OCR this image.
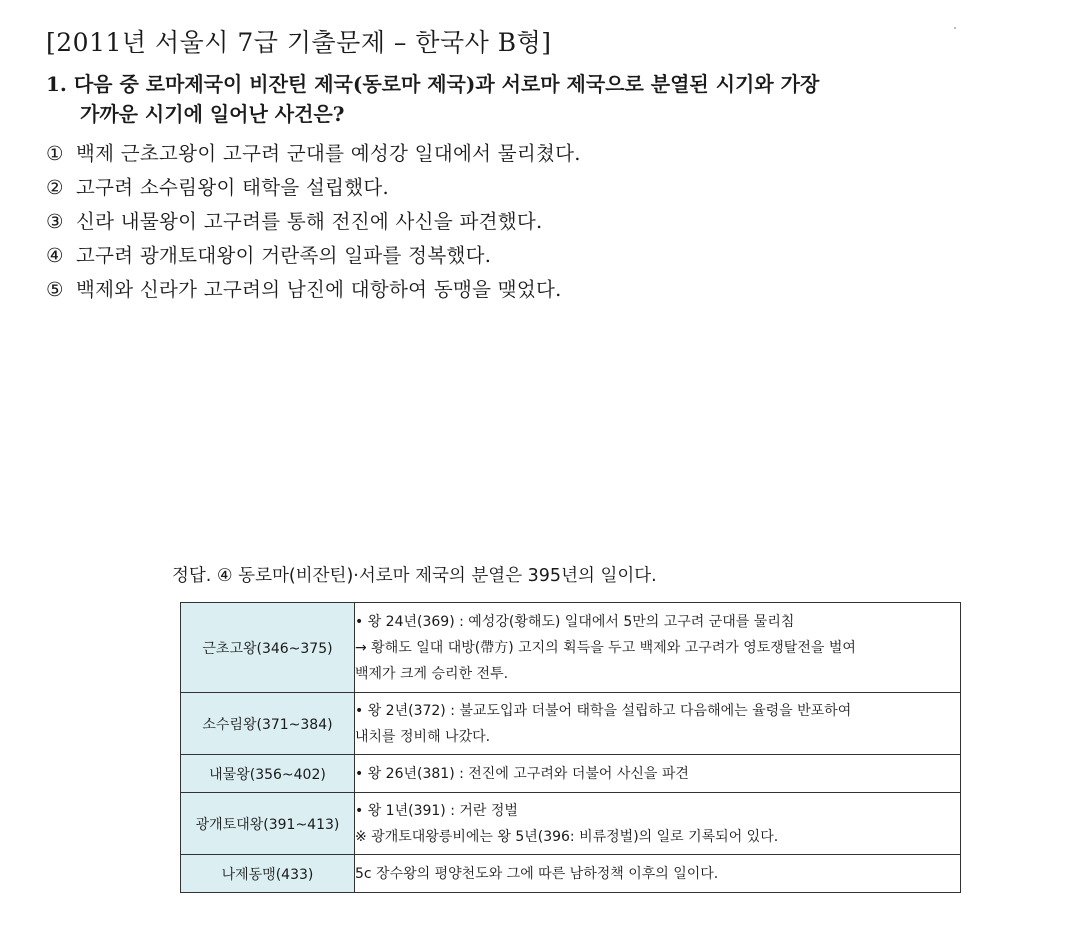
[2011년 서울시 7급 기출문제 – 한국사 B형]
1. 다음 중 로마제국이 비잔틴 제국(동로마 제국)과 서로마 제국으로 분열된 시기와 가장
가까운 시기에 일어난 사건은?
① 백제 근초고왕이 고구려 군대를 예성강 일대에서 물리쳤다.
② 고구려 소수림왕이 태학을 설립했다.
③ 신라 내물왕이 고구려를 통해 전진에 사신을 파견했다.
④ 고구려 광개토대왕이 거란족의 일파를 정복했다.
⑤ 백제와 신라가 고구려의 남진에 대항하여 동맹을 맺었다.
정답. ④ 동로마(비잔틴)·서로마 제국의 분열은 395년의 일이다.
근초고왕(346~375)	• 왕 24년(369) : 예성강(황해도) 일대에서 5만의 고구려 군대를 물리침
→ 황해도 일대 대방(帶方) 고지의 획득을 두고 백제와 고구려가 영토쟁탈전을 벌여
백제가 크게 승리한 전투.

소수림왕(371~384)	• 왕 2년(372) : 불교도입과 더불어 태학을 설립하고 다음해에는 율령을 반포하여
내치를 정비해 나갔다.

내물왕(356~402)	• 왕 26년(381) : 전진에 고구려와 더불어 사신을 파견

광개토대왕(391~413)	• 왕 1년(391) : 거란 정벌
※ 광개토대왕릉비에는 왕 5년(396: 비류정벌)의 일로 기록되어 있다.

나제동맹(433)	5c 장수왕의 평양천도와 그에 따른 남하정책 이후의 일이다.
